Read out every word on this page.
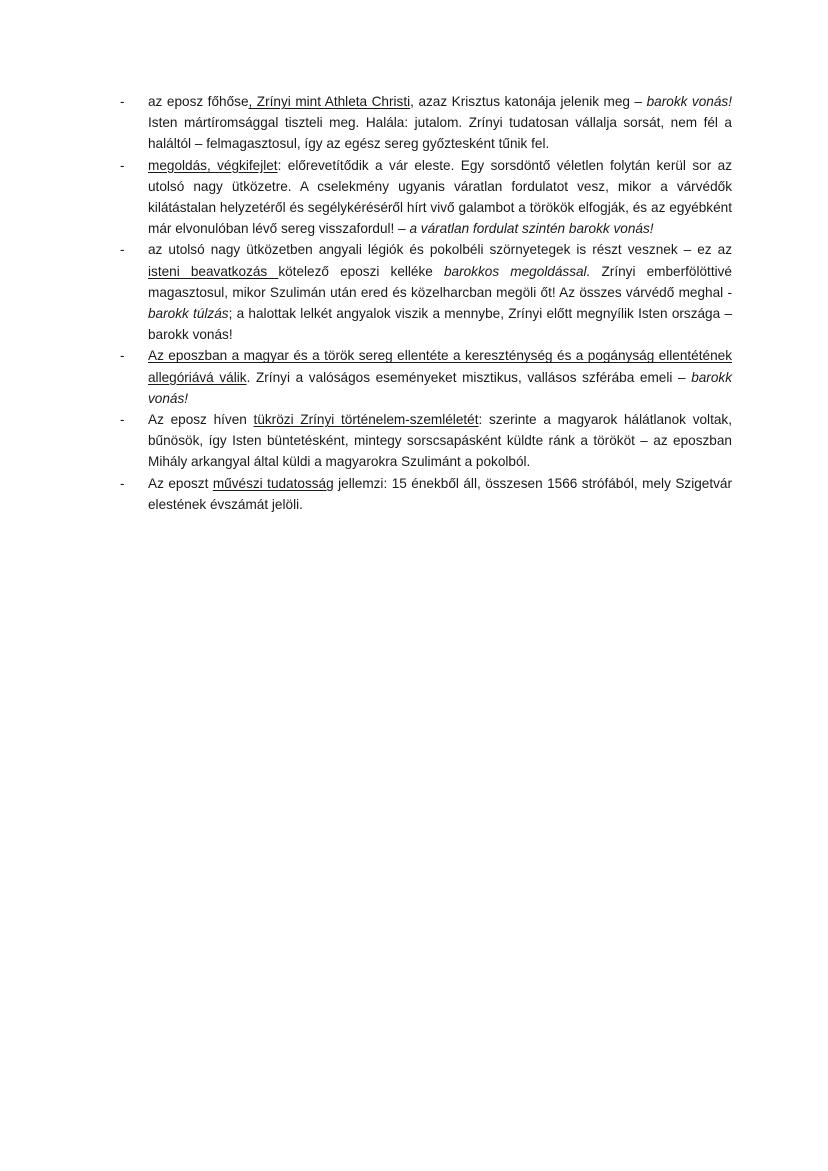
- az eposz főhőse, Zrínyi mint Athleta Christi, azaz Krisztus katonája jelenik meg – barokk vonás! Isten mártíromsággal tiszteli meg. Halála: jutalom. Zrínyi tudatosan vállalja sorsát, nem fél a haláltól – felmagasztosul, így az egész sereg győztesként tűnik fel.
- megoldás, végkifejlet: előrevetítődik a vár eleste. Egy sorsdöntő véletlen folytán kerül sor az utolsó nagy ütközetre. A cselekmény ugyanis váratlan fordulatot vesz, mikor a várvédők kilátástalan helyzetéről és segélykéréséről hírt vivő galambot a törökök elfogják, és az egyébként már elvonulóban lévő sereg visszafordul! – a váratlan fordulat szintén barokk vonás!
- az utolsó nagy ütközetben angyali légiók és pokolbéli szörnyetegek is részt vesznek – ez az isteni beavatkozás kötelező eposzi kelléke barokkos megoldással. Zrínyi emberfölöttivé magasztosul, mikor Szulimán után ered és közelharcban megöli őt! Az összes várvédő meghal - barokk túlzás; a halottak lelkét angyalok viszik a mennybe, Zrínyi előtt megnyílik Isten országa – barokk vonás!
- Az eposzban a magyar és a török sereg ellentéte a kereszténység és a pogányság ellentétének allegóriává válik. Zrínyi a valóságos eseményeket misztikus, vallásos szférába emeli – barokk vonás!
- Az eposz híven tükrözi Zrínyi történelem-szemléletét: szerinte a magyarok hálátlanok voltak, bűnösök, így Isten büntetésként, mintegy sorscsapásként küldte ránk a törököt – az eposzban Mihály arkangyal által küldi a magyarokra Szulimánt a pokolból.
- Az eposzt művészi tudatosság jellemzi: 15 énekből áll, összesen 1566 strófából, mely Szigetvár elestének évszámát jelöli.
